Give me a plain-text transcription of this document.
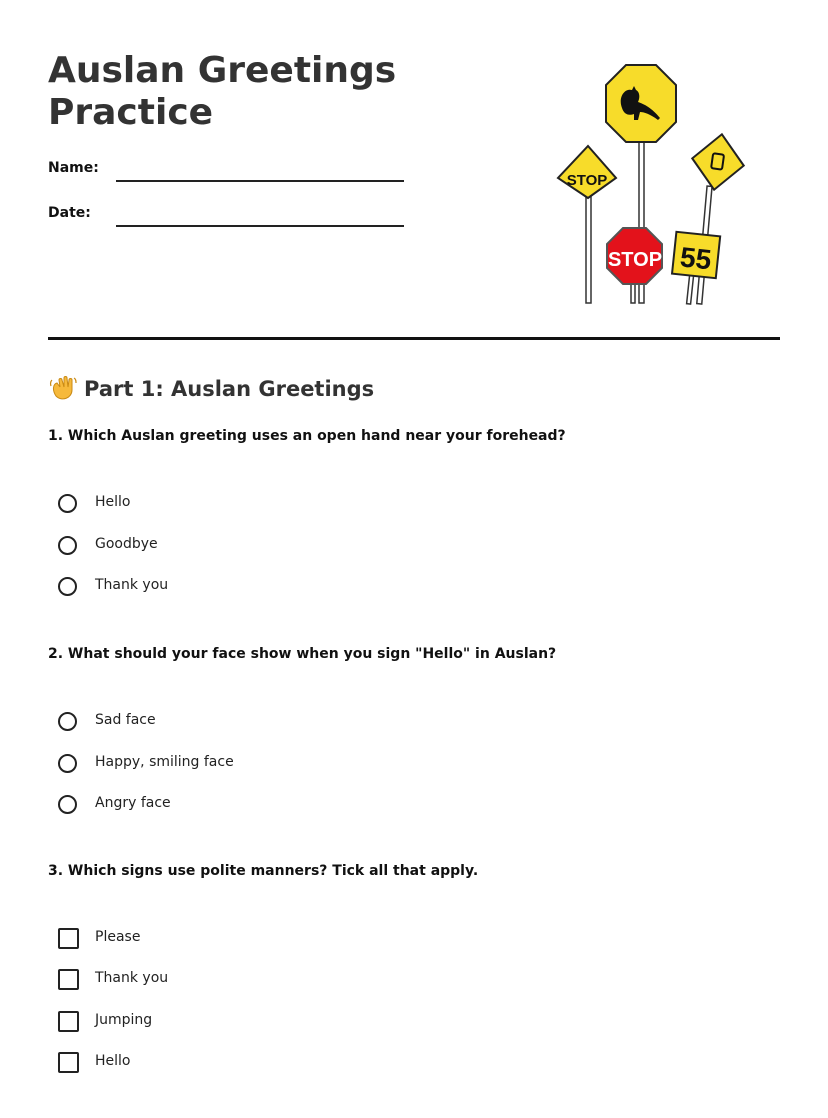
Auslan Greetings
Practice
Name:
Date:
STOP
STOP 55
Part 1: Auslan Greetings

1. Which Auslan greeting uses an open hand near your forehead?

Hello
Goodbye
Thank you

2. What should your face show when you sign "Hello" in Auslan?

Sad face
Happy, smiling face
Angry face

3. Which signs use polite manners? Tick all that apply.

Please
Thank you
Jumping
Hello
